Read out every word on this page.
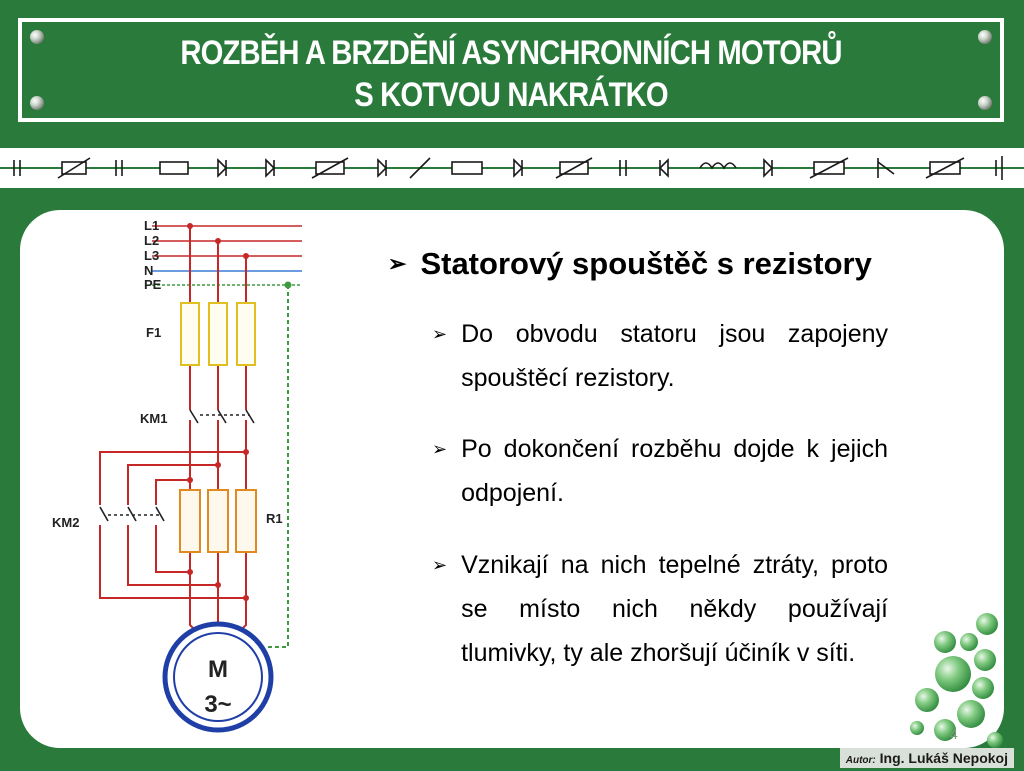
ROZBĚH A BRZDĚNÍ ASYNCHRONNÍCH MOTORŮ
S KOTVOU NAKRÁTKO
L1
L2
L3
N
PE
F1
KM1
KM2	R1
M
3~
➢ Statorový spouštěč s rezistory
➢ Do obvodu statoru jsou zapojeny spouštěcí rezistory.
➢ Po dokončení rozběhu dojde k jejich odpojení.
➢ Vznikají na nich tepelné ztráty, proto se místo nich někdy používají tlumivky, ty ale zhoršují účiník v síti.
4
Autor: Ing. Lukáš Nepokoj
